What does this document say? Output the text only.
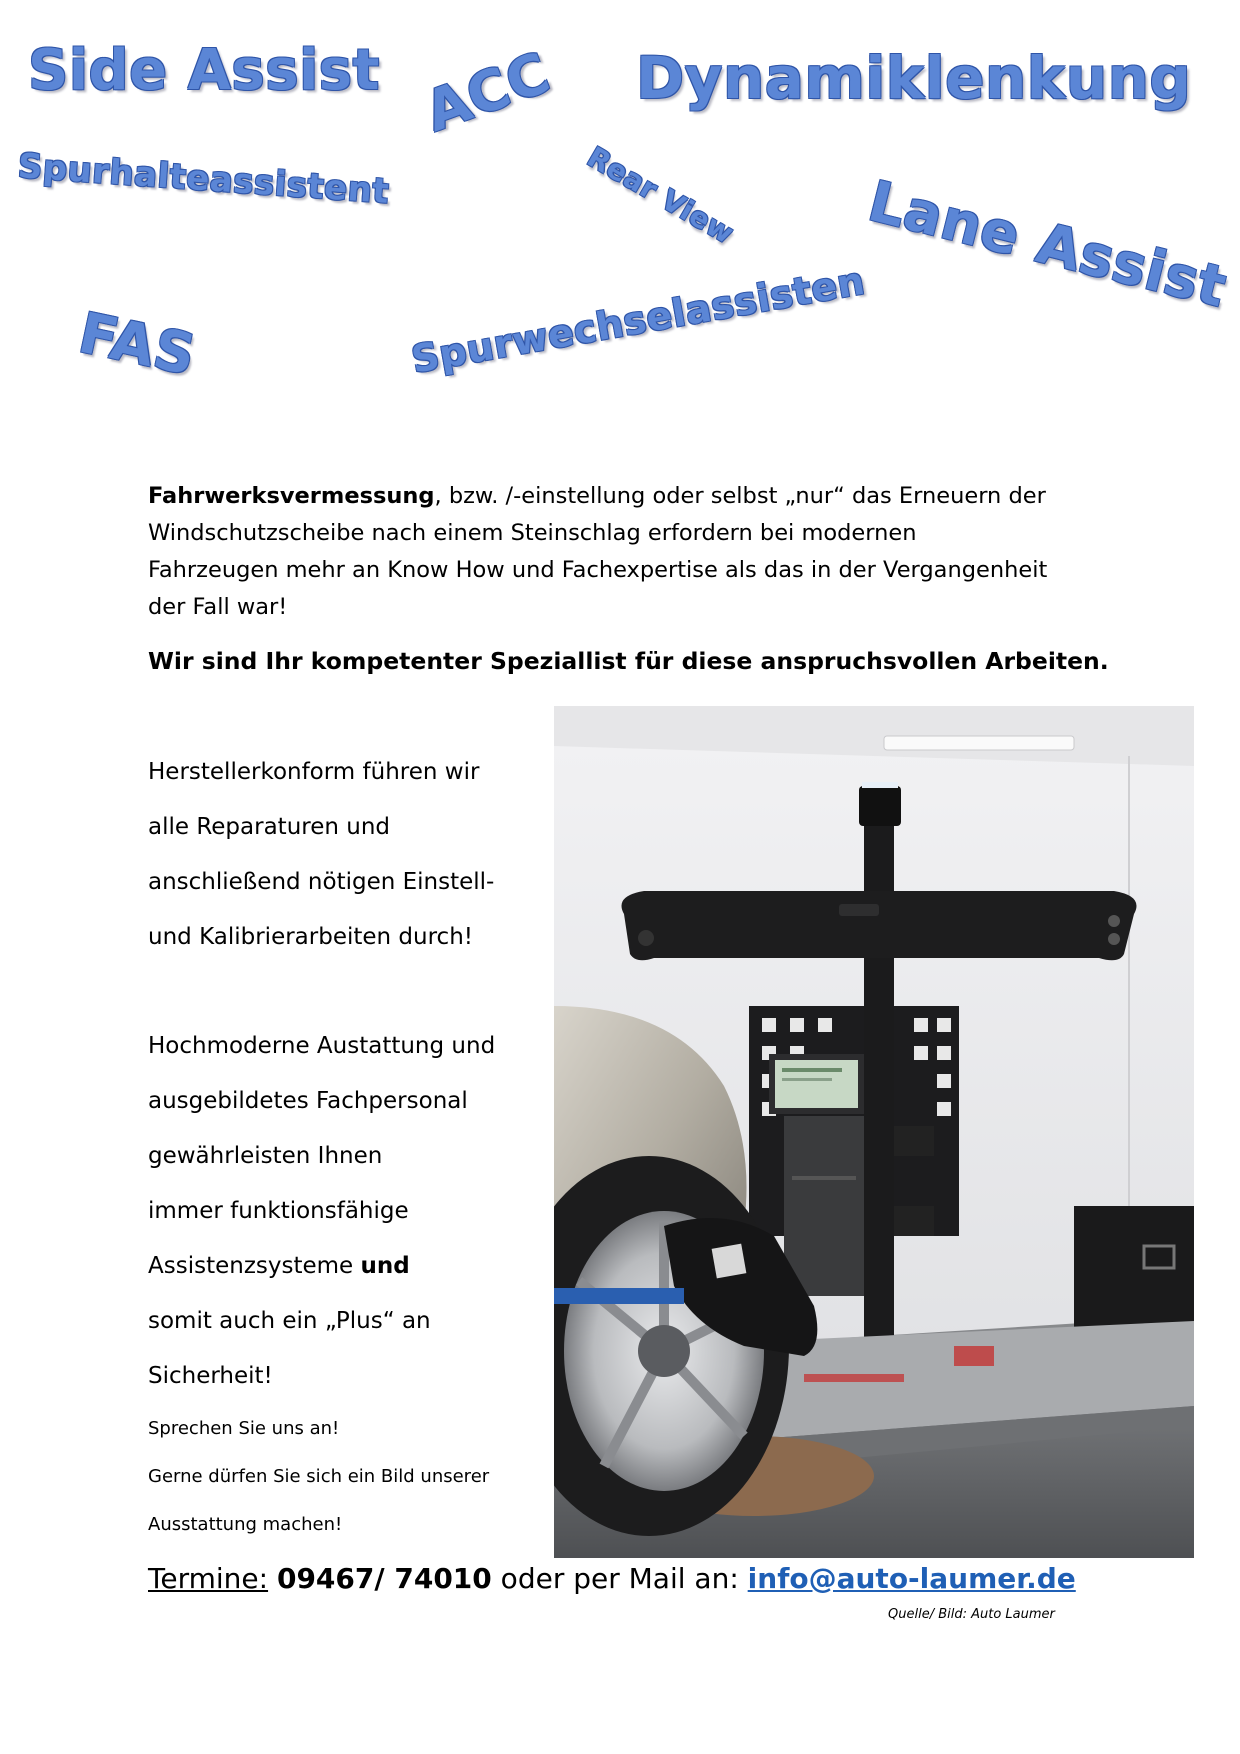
Side Assist ACC Dynamiklenkung
Spurhalteassistent	Rear View Lane Assist
FAS	Spurwechselassisten
Fahrwerksvermessung, bzw. /-einstellung oder selbst „nur“ das Erneuern der
Windschutzscheibe nach einem Steinschlag erfordern bei modernen
Fahrzeugen mehr an Know How und Fachexpertise als das in der Vergangenheit
der Fall war!
Wir sind Ihr kompetenter Speziallist für diese anspruchsvollen Arbeiten.
Herstellerkonform führen wir
alle Reparaturen und
anschließend nötigen Einstell-
und Kalibrierarbeiten durch!
Hochmoderne Austattung und
ausgebildetes Fachpersonal
gewährleisten Ihnen
immer funktionsfähige
Assistenzsysteme und
somit auch ein „Plus“ an
Sicherheit!
Sprechen Sie uns an!
Gerne dürfen Sie sich ein Bild unserer
Ausstattung machen!
Termine: 09467/ 74010 oder per Mail an: info@auto-laumer.de
Quelle/ Bild: Auto Laumer
